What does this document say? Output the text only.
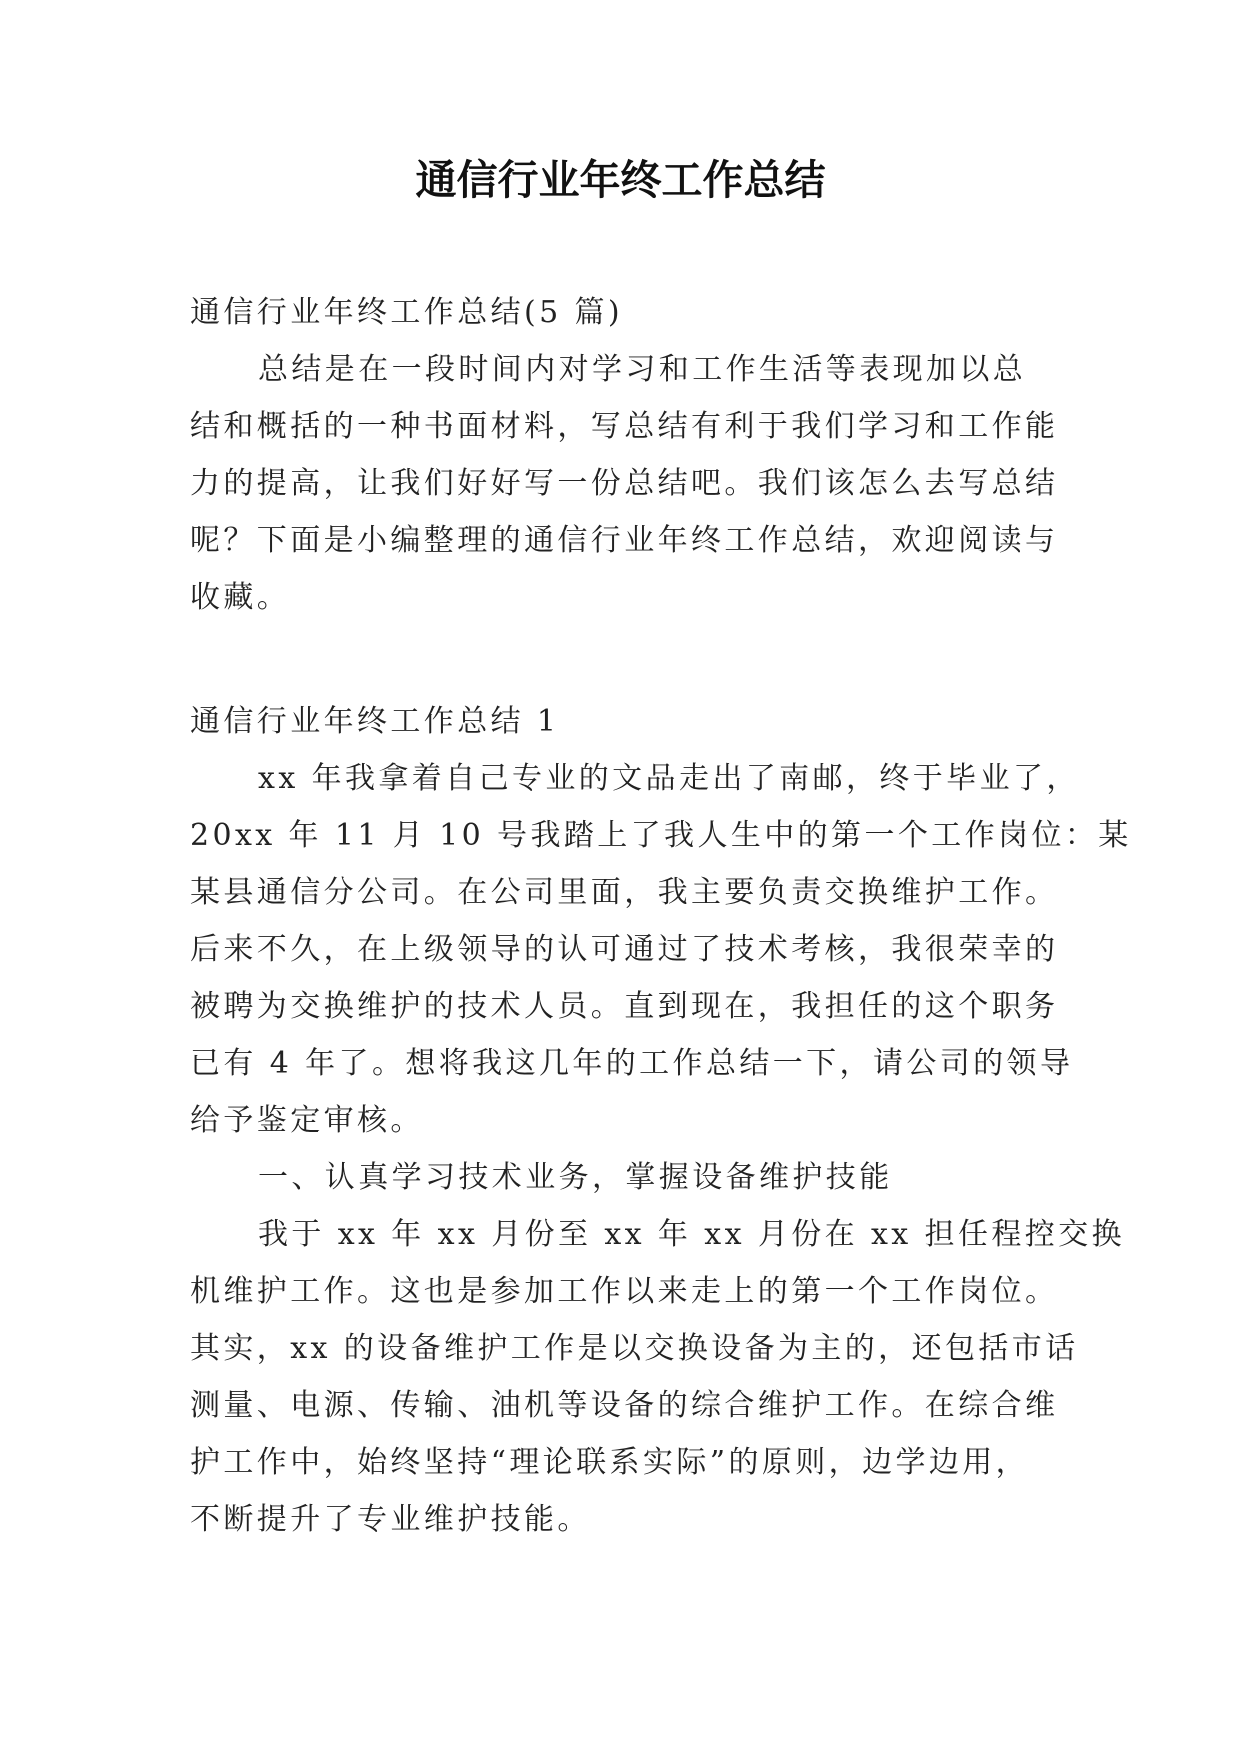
通信行业年终工作总结
通信行业年终工作总结(5 篇)
总结是在一段时间内对学习和工作生活等表现加以总
结和概括的一种书面材料，写总结有利于我们学习和工作能
力的提高，让我们好好写一份总结吧。我们该怎么去写总结
呢？下面是小编整理的通信行业年终工作总结，欢迎阅读与
收藏。
通信行业年终工作总结 1
xx 年我拿着自己专业的文品走出了南邮，终于毕业了，
20xx 年 11 月 10 号我踏上了我人生中的第一个工作岗位：某
某县通信分公司。在公司里面，我主要负责交换维护工作。
后来不久，在上级领导的认可通过了技术考核，我很荣幸的
被聘为交换维护的技术人员。直到现在，我担任的这个职务
已有 4 年了。想将我这几年的工作总结一下，请公司的领导
给予鉴定审核。
一、认真学习技术业务，掌握设备维护技能
我于 xx 年 xx 月份至 xx 年 xx 月份在 xx 担任程控交换
机维护工作。这也是参加工作以来走上的第一个工作岗位。
其实，xx 的设备维护工作是以交换设备为主的，还包括市话
测量、电源、传输、油机等设备的综合维护工作。在综合维
护工作中，始终坚持“理论联系实际”的原则，边学边用，
不断提升了专业维护技能。
